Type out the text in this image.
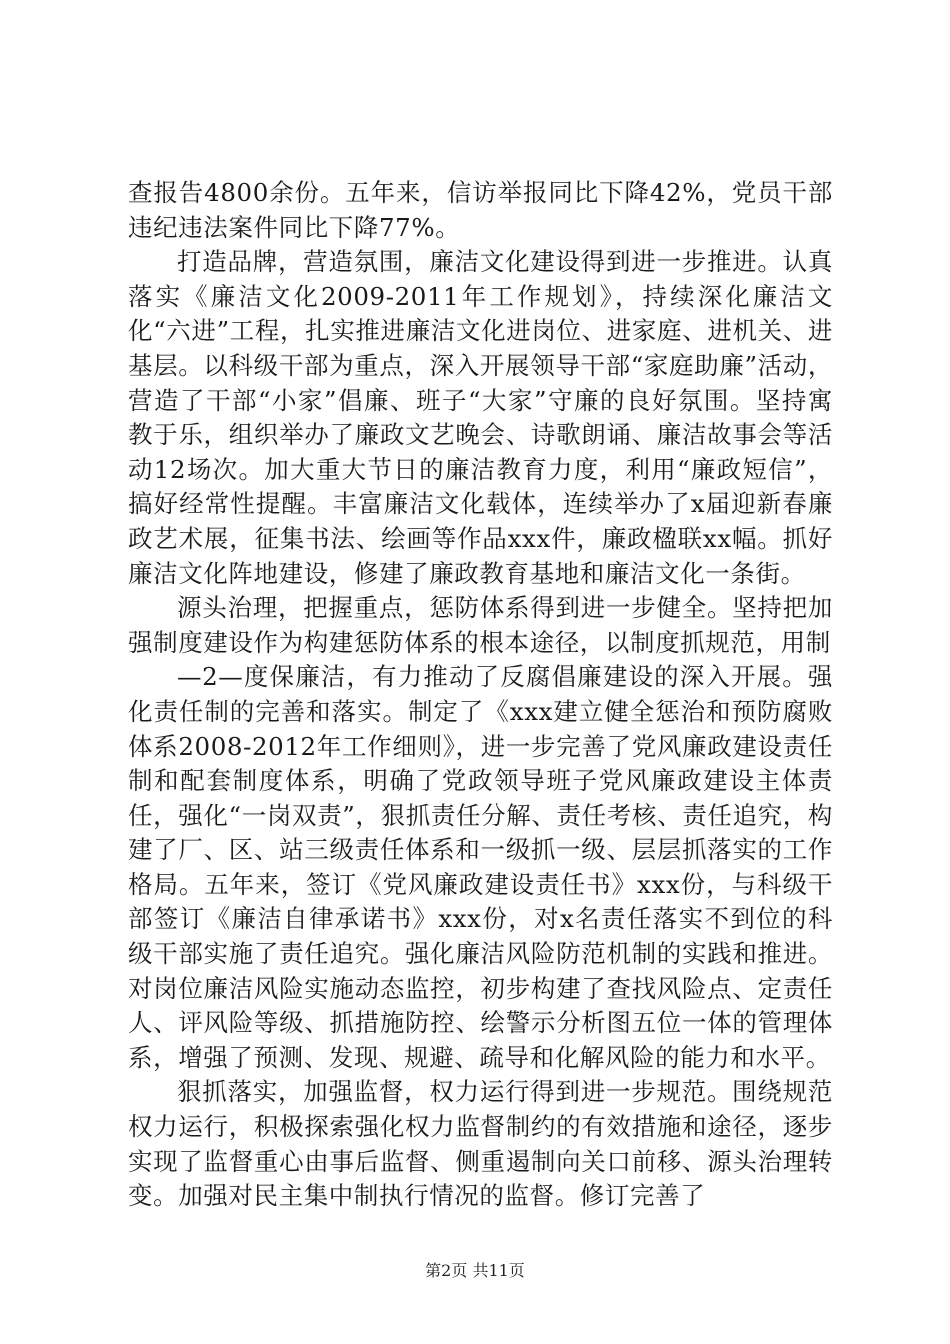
查报告4800余份。五年来，信访举报同比下降42%，党员干部违纪违法案件同比下降77%。

打造品牌，营造氛围，廉洁文化建设得到进一步推进。认真落实《廉洁文化2009-2011年工作规划》，持续深化廉洁文化“六进”工程，扎实推进廉洁文化进岗位、进家庭、进机关、进基层。以科级干部为重点，深入开展领导干部“家庭助廉”活动，营造了干部“小家”倡廉、班子“大家”守廉的良好氛围。坚持寓教于乐，组织举办了廉政文艺晚会、诗歌朗诵、廉洁故事会等活动12场次。加大重大节日的廉洁教育力度，利用“廉政短信”，搞好经常性提醒。丰富廉洁文化载体，连续举办了x届迎新春廉政艺术展，征集书法、绘画等作品xxx件，廉政楹联xx幅。抓好廉洁文化阵地建设，修建了廉政教育基地和廉洁文化一条街。

源头治理，把握重点，惩防体系得到进一步健全。坚持把加强制度建设作为构建惩防体系的根本途径，以制度抓规范，用制

—2—度保廉洁，有力推动了反腐倡廉建设的深入开展。强化责任制的完善和落实。制定了《xxx建立健全惩治和预防腐败体系2008-2012年工作细则》，进一步完善了党风廉政建设责任制和配套制度体系，明确了党政领导班子党风廉政建设主体责任，强化“一岗双责”，狠抓责任分解、责任考核、责任追究，构建了厂、区、站三级责任体系和一级抓一级、层层抓落实的工作格局。五年来，签订《党风廉政建设责任书》xxx份，与科级干部签订《廉洁自律承诺书》xxx份，对x名责任落实不到位的科级干部实施了责任追究。强化廉洁风险防范机制的实践和推进。对岗位廉洁风险实施动态监控，初步构建了查找风险点、定责任人、评风险等级、抓措施防控、绘警示分析图五位一体的管理体系，增强了预测、发现、规避、疏导和化解风险的能力和水平。

狠抓落实，加强监督，权力运行得到进一步规范。围绕规范权力运行，积极探索强化权力监督制约的有效措施和途径，逐步实现了监督重心由事后监督、侧重遏制向关口前移、源头治理转变。加强对民主集中制执行情况的监督。修订完善了

第2页 共11页
